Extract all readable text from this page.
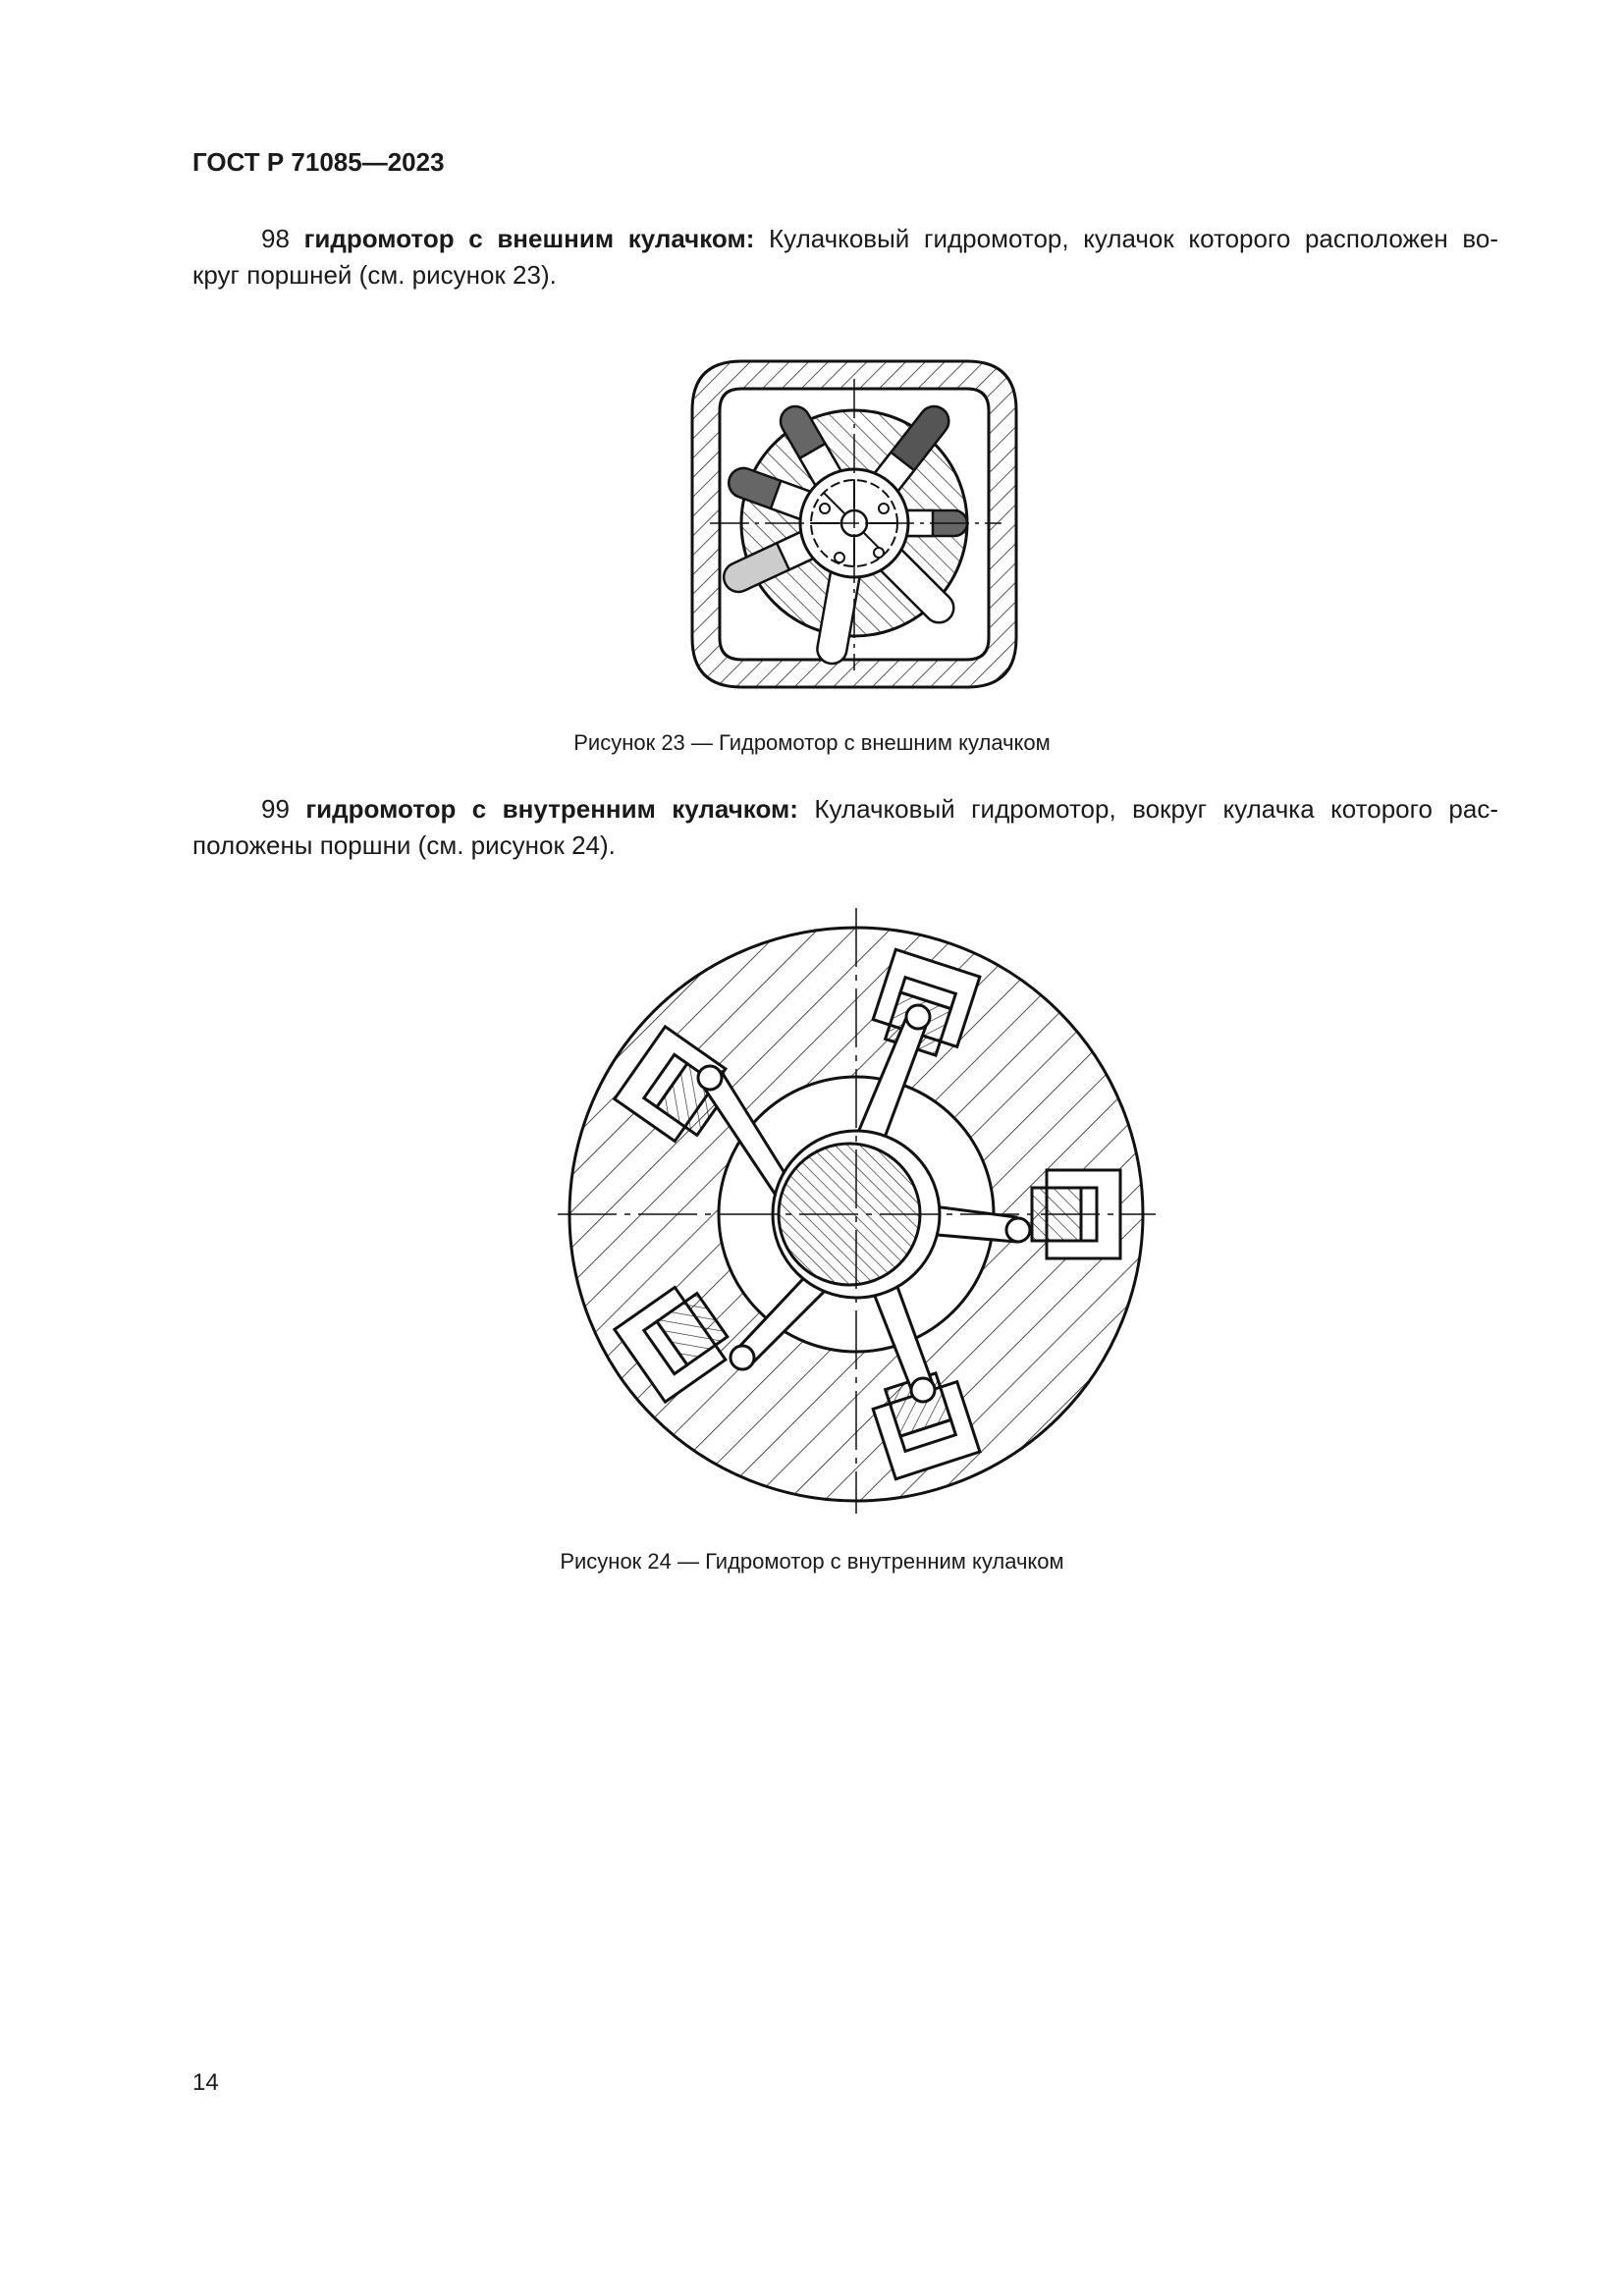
ГОСТ Р 71085—2023
98 гидромотор с внешним кулачком: Кулачковый гидромотор, кулачок которого расположен во-
круг поршней (см. рисунок 23).
Рисунок 23 — Гидромотор с внешним кулачком
99 гидромотор с внутренним кулачком: Кулачковый гидромотор, вокруг кулачка которого рас-
положены поршни (см. рисунок 24).
Рисунок 24 — Гидромотор с внутренним кулачком
14
